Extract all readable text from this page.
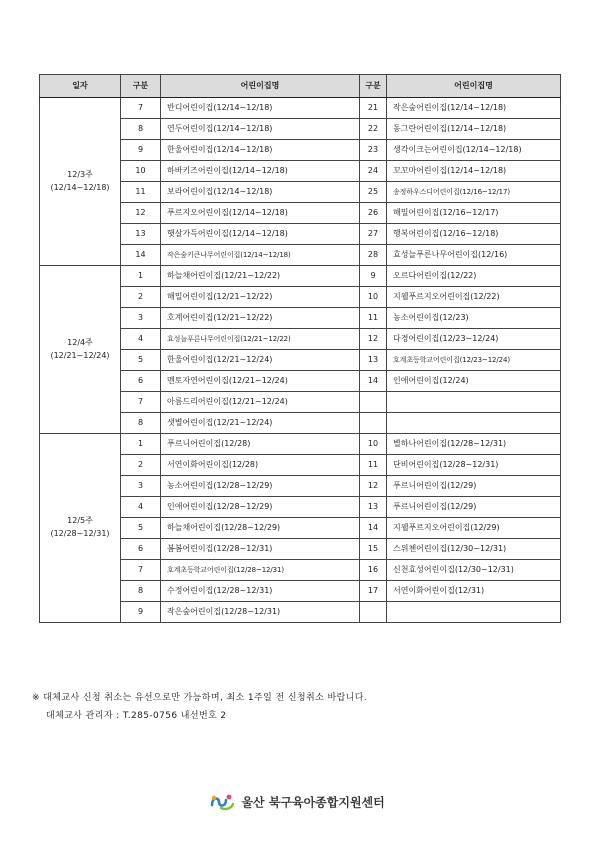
일자	구분	어린이집명	구분	어린이집명

12/3주
(12/14~12/18)	7	반디어린이집(12/14~12/18)	21	작은숲어린이집(12/14~12/18)
	8	연두어린이집(12/14~12/18)	22	동그란어린이집(12/14~12/18)
	9	한울어린이집(12/14~12/18)	23	생각이크는어린이집(12/14~12/18)
	10	하바키즈어린이집(12/14~12/18)	24	꼬꼬마어린이집(12/14~12/18)
	11	보라어린이집(12/14~12/18)	25	송정하우스디어린이집(12/16~12/17)
	12	푸르지오어린이집(12/14~12/18)	26	해밀어린이집(12/16~12/17)
	13	햇살가득어린이집(12/14~12/18)	27	행복어린이집(12/16~12/18)
	14	작은숲키큰나무어린이집(12/14~12/18)	28	효성늘푸른나무어린이집(12/16)

12/4주
(12/21~12/24)	1	하늘채어린이집(12/21~12/22)	9	오르다어린이집(12/22)
	2	해밀어린이집(12/21~12/22)	10	지웰푸르지오어린이집(12/22)
	3	호계어린이집(12/21~12/22)	11	농소어린이집(12/23)
	4	효성늘푸른나무어린이집(12/21~12/22)	12	다경어린이집(12/23~12/24)
	5	한울어린이집(12/21~12/24)	13	호계초등학교어린이집(12/23~12/24)
	6	멘토자연어린이집(12/21~12/24)	14	인애어린이집(12/24)
	7	아름드리어린이집(12/21~12/24)		
	8	샛별어린이집(12/21~12/24)		

12/5주
(12/28~12/31)	1	푸르니어린이집(12/28)	10	별하나어린이집(12/28~12/31)
	2	서연이화어린이집(12/28)	11	단비어린이집(12/28~12/31)
	3	농소어린이집(12/28~12/29)	12	푸르니어린이집(12/29)
	4	인애어린이집(12/28~12/29)	13	푸르니어린이집(12/29)
	5	하늘채어린이집(12/28~12/29)	14	지웰푸르지오어린이집(12/29)
	6	봄봄어린이집(12/28~12/31)	15	스위첸어린이집(12/30~12/31)
	7	호계초등학교어린이집(12/28~12/31)	16	신천효성어린이집(12/30~12/31)
	8	수정어린이집(12/28~12/31)	17	서연이화어린이집(12/31)
	9	작은숲어린이집(12/28~12/31)		
※ 대체교사 신청 취소는 유선으로만 가능하며, 최소 1주일 전 신청취소 바랍니다.
대체교사 관리자 : T.285-0756 내선번호 2
울산 북구육아종합지원센터
